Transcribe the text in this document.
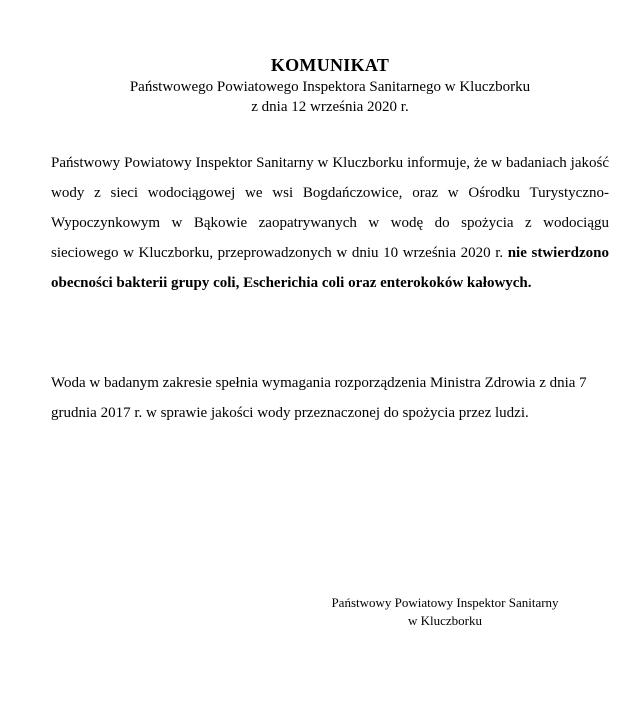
KOMUNIKAT
Państwowego Powiatowego Inspektora Sanitarnego w Kluczborku
z dnia 12 września 2020 r.
Państwowy Powiatowy Inspektor Sanitarny w Kluczborku informuje, że w badaniach jakość wody z sieci wodociągowej we wsi Bogdańczowice, oraz w Ośrodku Turystyczno-Wypoczynkowym w Bąkowie zaopatrywanych w wodę do spożycia z wodociągu sieciowego w Kluczborku, przeprowadzonych w dniu 10 września 2020 r. nie stwierdzono obecności bakterii grupy coli, Escherichia coli oraz enterokoków kałowych.
Woda w badanym zakresie spełnia wymagania rozporządzenia Ministra Zdrowia z dnia 7 grudnia 2017 r. w sprawie jakości wody przeznaczonej do spożycia przez ludzi.
Państwowy Powiatowy Inspektor Sanitarny
w Kluczborku
